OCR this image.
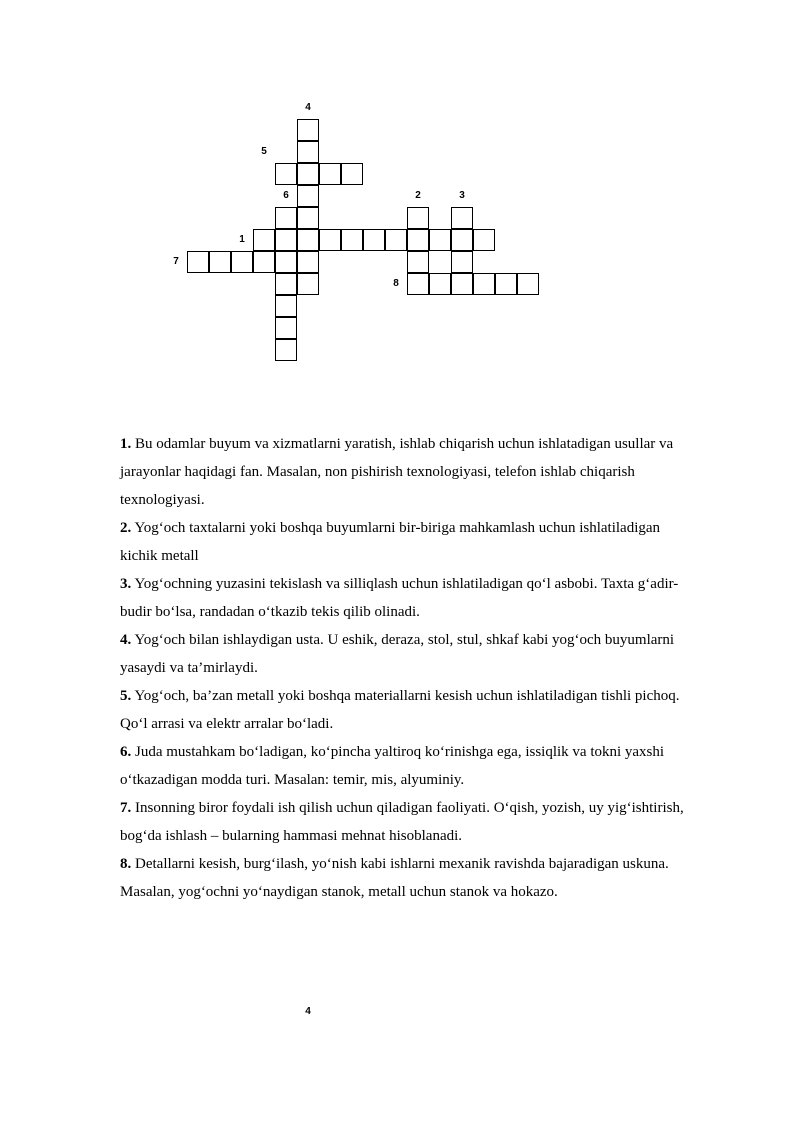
4
5
6	2	3
1
7
8
1. Bu odamlar buyum va xizmatlarni yaratish, ishlab chiqarish uchun ishlatadigan usullar va jarayonlar haqidagi fan. Masalan, non pishirish texnologiyasi, telefon ishlab chiqarish texnologiyasi.
2. Yog‘och taxtalarni yoki boshqa buyumlarni bir-biriga mahkamlash uchun ishlatiladigan kichik metall
3. Yog‘ochning yuzasini tekislash va silliqlash uchun ishlatiladigan qo‘l asbobi. Taxta g‘adir-budir bo‘lsa, randadan o‘tkazib tekis qilib olinadi.
4. Yog‘och bilan ishlaydigan usta. U eshik, deraza, stol, stul, shkaf kabi yog‘och buyumlarni yasaydi va ta’mirlaydi.
5. Yog‘och, ba’zan metall yoki boshqa materiallarni kesish uchun ishlatiladigan tishli pichoq. Qo‘l arrasi va elektr arralar bo‘ladi.
6. Juda mustahkam bo‘ladigan, ko‘pincha yaltiroq ko‘rinishga ega, issiqlik va tokni yaxshi o‘tkazadigan modda turi. Masalan: temir, mis, alyuminiy.
7. Insonning biror foydali ish qilish uchun qiladigan faoliyati. O‘qish, yozish, uy yig‘ishtirish, bog‘da ishlash – bularning hammasi mehnat hisoblanadi.
8. Detallarni kesish, burg‘ilash, yo‘nish kabi ishlarni mexanik ravishda bajaradigan uskuna. Masalan, yog‘ochni yo‘naydigan stanok, metall uchun stanok va hokazo.
4
